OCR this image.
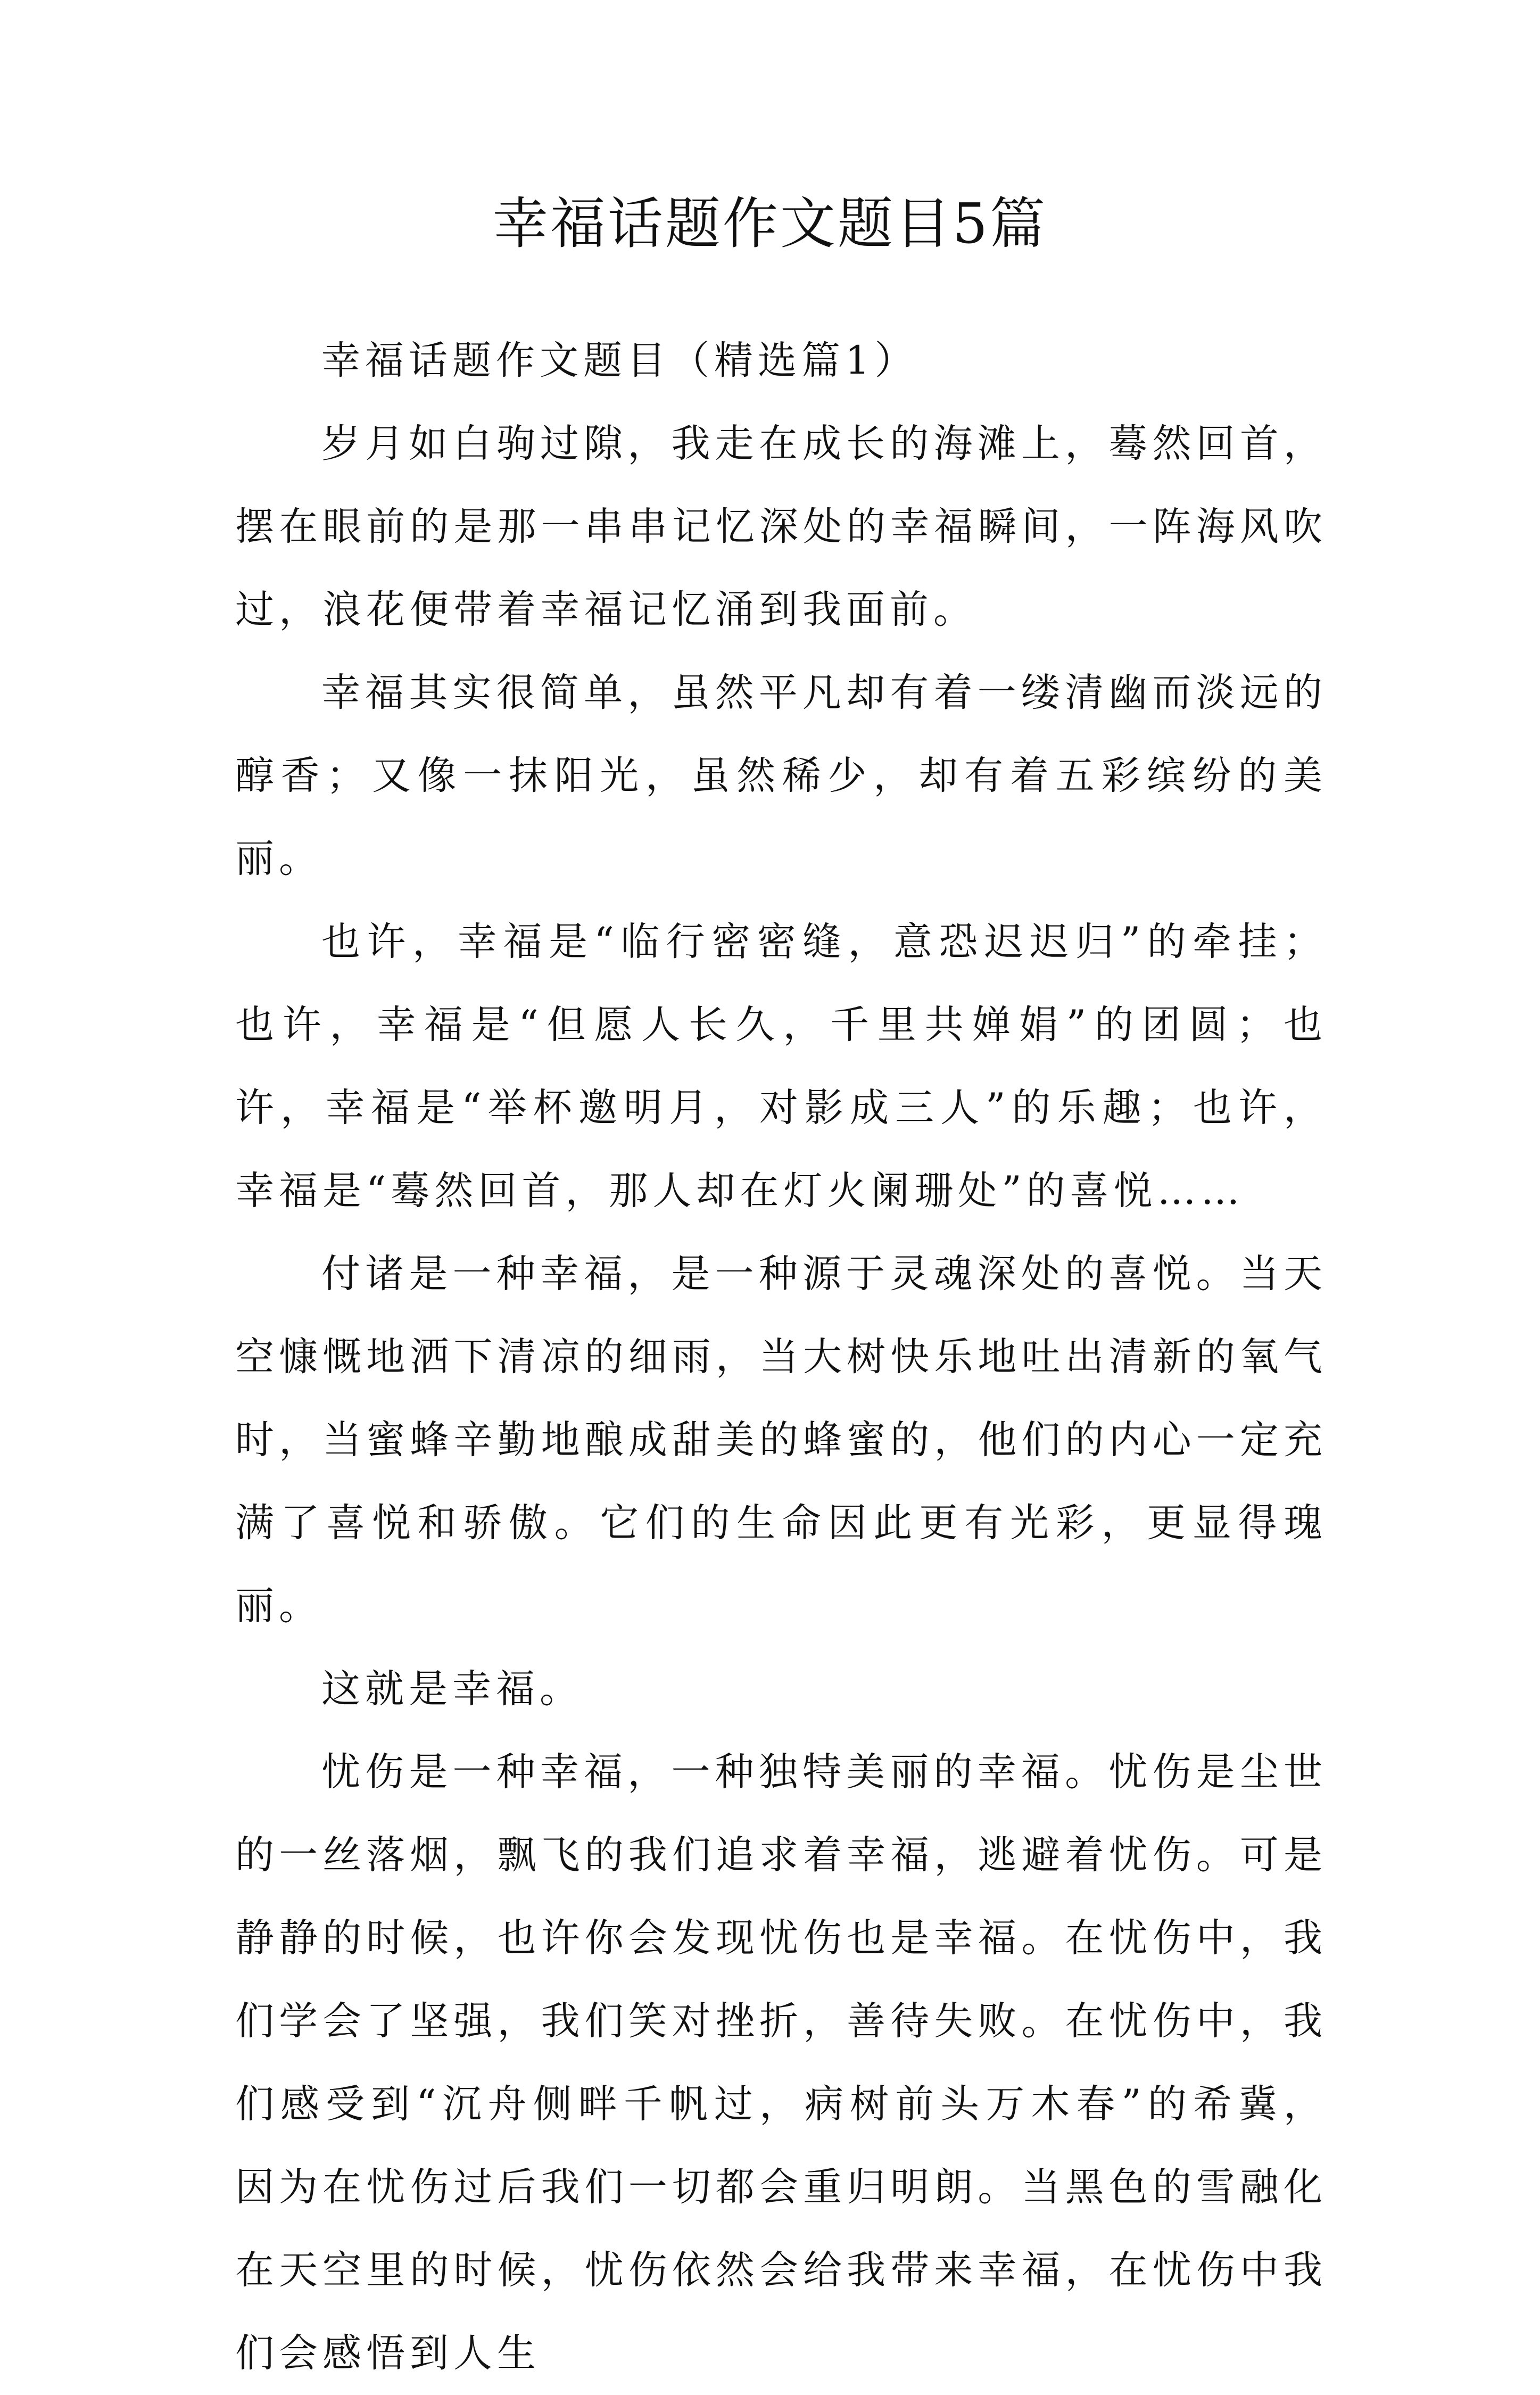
幸福话题作文题目5篇

幸福话题作文题目（精选篇1）

岁月如白驹过隙，我走在成长的海滩上，蓦然回首，摆在眼前的是那一串串记忆深处的幸福瞬间，一阵海风吹过，浪花便带着幸福记忆涌到我面前。

幸福其实很简单，虽然平凡却有着一缕清幽而淡远的醇香；又像一抹阳光，虽然稀少，却有着五彩缤纷的美丽。

也许，幸福是“临行密密缝，意恐迟迟归”的牵挂；也许，幸福是“但愿人长久，千里共婵娟”的团圆；也许，幸福是“举杯邀明月，对影成三人”的乐趣；也许，幸福是“蓦然回首，那人却在灯火阑珊处”的喜悦……

付诸是一种幸福，是一种源于灵魂深处的喜悦。当天空慷慨地洒下清凉的细雨，当大树快乐地吐出清新的氧气时，当蜜蜂辛勤地酿成甜美的蜂蜜的，他们的内心一定充满了喜悦和骄傲。它们的生命因此更有光彩，更显得瑰丽。

这就是幸福。

忧伤是一种幸福，一种独特美丽的幸福。忧伤是尘世的一丝落烟，飘飞的我们追求着幸福，逃避着忧伤。可是静静的时候，也许你会发现忧伤也是幸福。在忧伤中，我们学会了坚强，我们笑对挫折，善待失败。在忧伤中，我们感受到“沉舟侧畔千帆过，病树前头万木春”的希冀，因为在忧伤过后我们一切都会重归明朗。当黑色的雪融化在天空里的时候，忧伤依然会给我带来幸福，在忧伤中我们会感悟到人生
